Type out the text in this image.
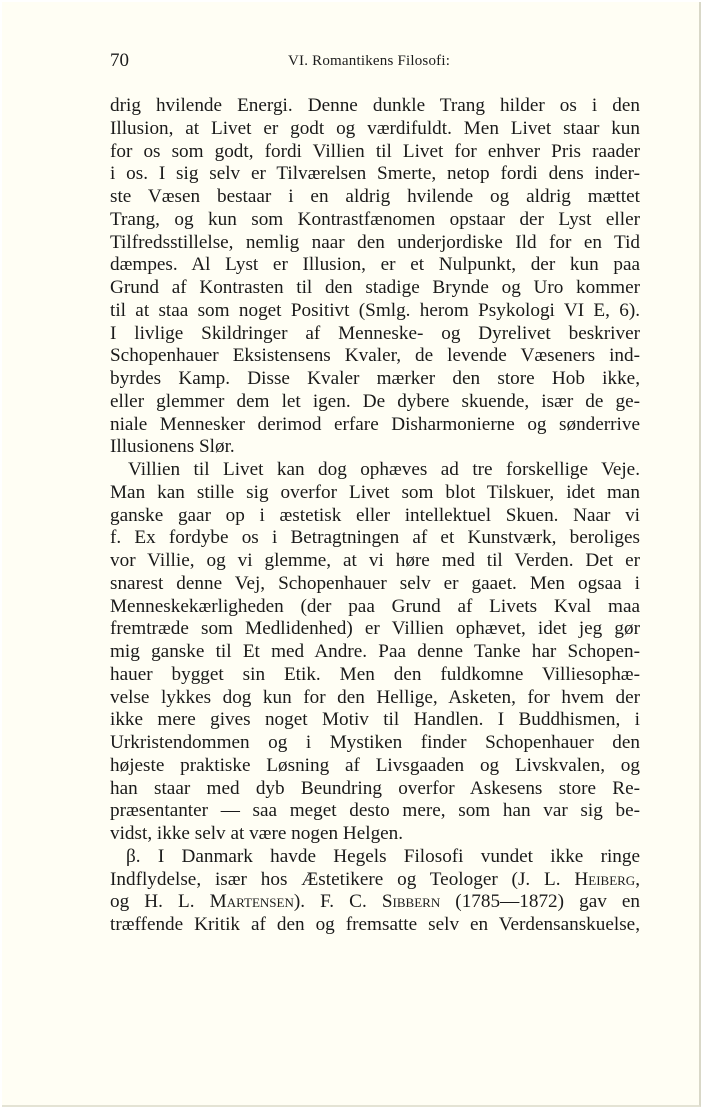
70	VI. Romantikens Filosofi:
drig hvilende Energi. Denne dunkle Trang hilder os i den
Illusion, at Livet er godt og værdifuldt. Men Livet staar kun
for os som godt, fordi Villien til Livet for enhver Pris raader
i os. I sig selv er Tilværelsen Smerte, netop fordi dens inder-
ste Væsen bestaar i en aldrig hvilende og aldrig mættet
Trang, og kun som Kontrastfænomen opstaar der Lyst eller
Tilfredsstillelse, nemlig naar den underjordiske Ild for en Tid
dæmpes. Al Lyst er Illusion, er et Nulpunkt, der kun paa
Grund af Kontrasten til den stadige Brynde og Uro kommer
til at staa som noget Positivt (Smlg. herom Psykologi VI E, 6).
I livlige Skildringer af Menneske- og Dyrelivet beskriver
Schopenhauer Eksistensens Kvaler, de levende Væseners ind-
byrdes Kamp. Disse Kvaler mærker den store Hob ikke,
eller glemmer dem let igen. De dybere skuende, især de ge-
niale Mennesker derimod erfare Disharmonierne og sønderrive
Illusionens Slør.
Villien til Livet kan dog ophæves ad tre forskellige Veje.
Man kan stille sig overfor Livet som blot Tilskuer, idet man
ganske gaar op i æstetisk eller intellektuel Skuen. Naar vi
f. Ex fordybe os i Betragtningen af et Kunstværk, beroliges
vor Villie, og vi glemme, at vi høre med til Verden. Det er
snarest denne Vej, Schopenhauer selv er gaaet. Men ogsaa i
Menneskekærligheden (der paa Grund af Livets Kval maa
fremtræde som Medlidenhed) er Villien ophævet, idet jeg gør
mig ganske til Et med Andre. Paa denne Tanke har Schopen-
hauer bygget sin Etik. Men den fuldkomne Villiesophæ-
velse lykkes dog kun for den Hellige, Asketen, for hvem der
ikke mere gives noget Motiv til Handlen. I Buddhismen, i
Urkristendommen og i Mystiken finder Schopenhauer den
højeste praktiske Løsning af Livsgaaden og Livskvalen, og
han staar med dyb Beundring overfor Askesens store Re-
præsentanter — saa meget desto mere, som han var sig be-
vidst, ikke selv at være nogen Helgen.
β. I Danmark havde Hegels Filosofi vundet ikke ringe
Indflydelse, især hos Æstetikere og Teologer (J. L. Heiberg,
og H. L. Martensen). F. C. Sibbern (1785—1872) gav en
træffende Kritik af den og fremsatte selv en Verdensanskuelse,
